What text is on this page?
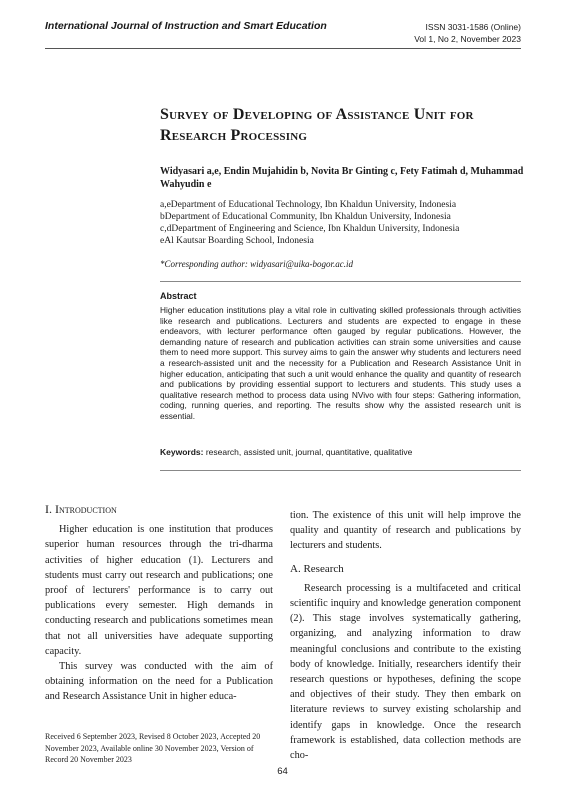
International Journal of Instruction and Smart Education	ISSN 3031-1586 (Online)
Vol 1, No 2, November 2023
Survey of Developing of Assistance Unit for Research Processing
Widyasari a,e, Endin Mujahidin b, Novita Br Ginting c, Fety Fatimah d, Muhammad Wahyudin e
a,eDepartment of Educational Technology, Ibn Khaldun University, Indonesia
bDepartment of Educational Community, Ibn Khaldun University, Indonesia
c,dDepartment of Engineering and Science, Ibn Khaldun University, Indonesia
eAl Kautsar Boarding School, Indonesia
*Corresponding author: widyasari@uika-bogor.ac.id
Abstract
Higher education institutions play a vital role in cultivating skilled professionals through activities like research and publications. Lecturers and students are expected to engage in these endeavors, with lecturer performance often gauged by regular publications. However, the demanding nature of research and publication activities can strain some universities and cause them to need more support. This survey aims to gain the answer why students and lecturers need a research-assisted unit and the necessity for a Publication and Research Assistance Unit in higher education, anticipating that such a unit would enhance the quality and quantity of research and publications by providing essential support to lecturers and students. This study uses a qualitative research method to process data using NVivo with four steps: Gathering information, coding, running queries, and reporting. The results show why the assisted research unit is essential.
Keywords: research, assisted unit, journal, quantitative, qualitative
I. Introduction

Higher education is one institution that produces superior human resources through the tri-dharma activities of higher education (1). Lecturers and students must carry out research and publications; one proof of lecturers' performance is to carry out publications every semester. High demands in conducting research and publications sometimes mean that not all universities have adequate supporting capacity.

This survey was conducted with the aim of obtaining information on the need for a Publication and Research Assistance Unit in higher educa-

tion. The existence of this unit will help improve the quality and quantity of research and publications by lecturers and students.

A. Research

Research processing is a multifaceted and critical scientific inquiry and knowledge generation component (2). This stage involves systematically gathering, organizing, and analyzing information to draw meaningful conclusions and contribute to the existing body of knowledge. Initially, researchers identify their research questions or hypotheses, defining the scope and objectives of their study. They then embark on literature reviews to survey existing scholarship and identify gaps in knowledge. Once the research framework is established, data collection methods are cho-

Received 6 September 2023, Revised 8 October 2023, Accepted 20 November 2023, Available online 30 November 2023, Version of Record 20 November 2023
64
